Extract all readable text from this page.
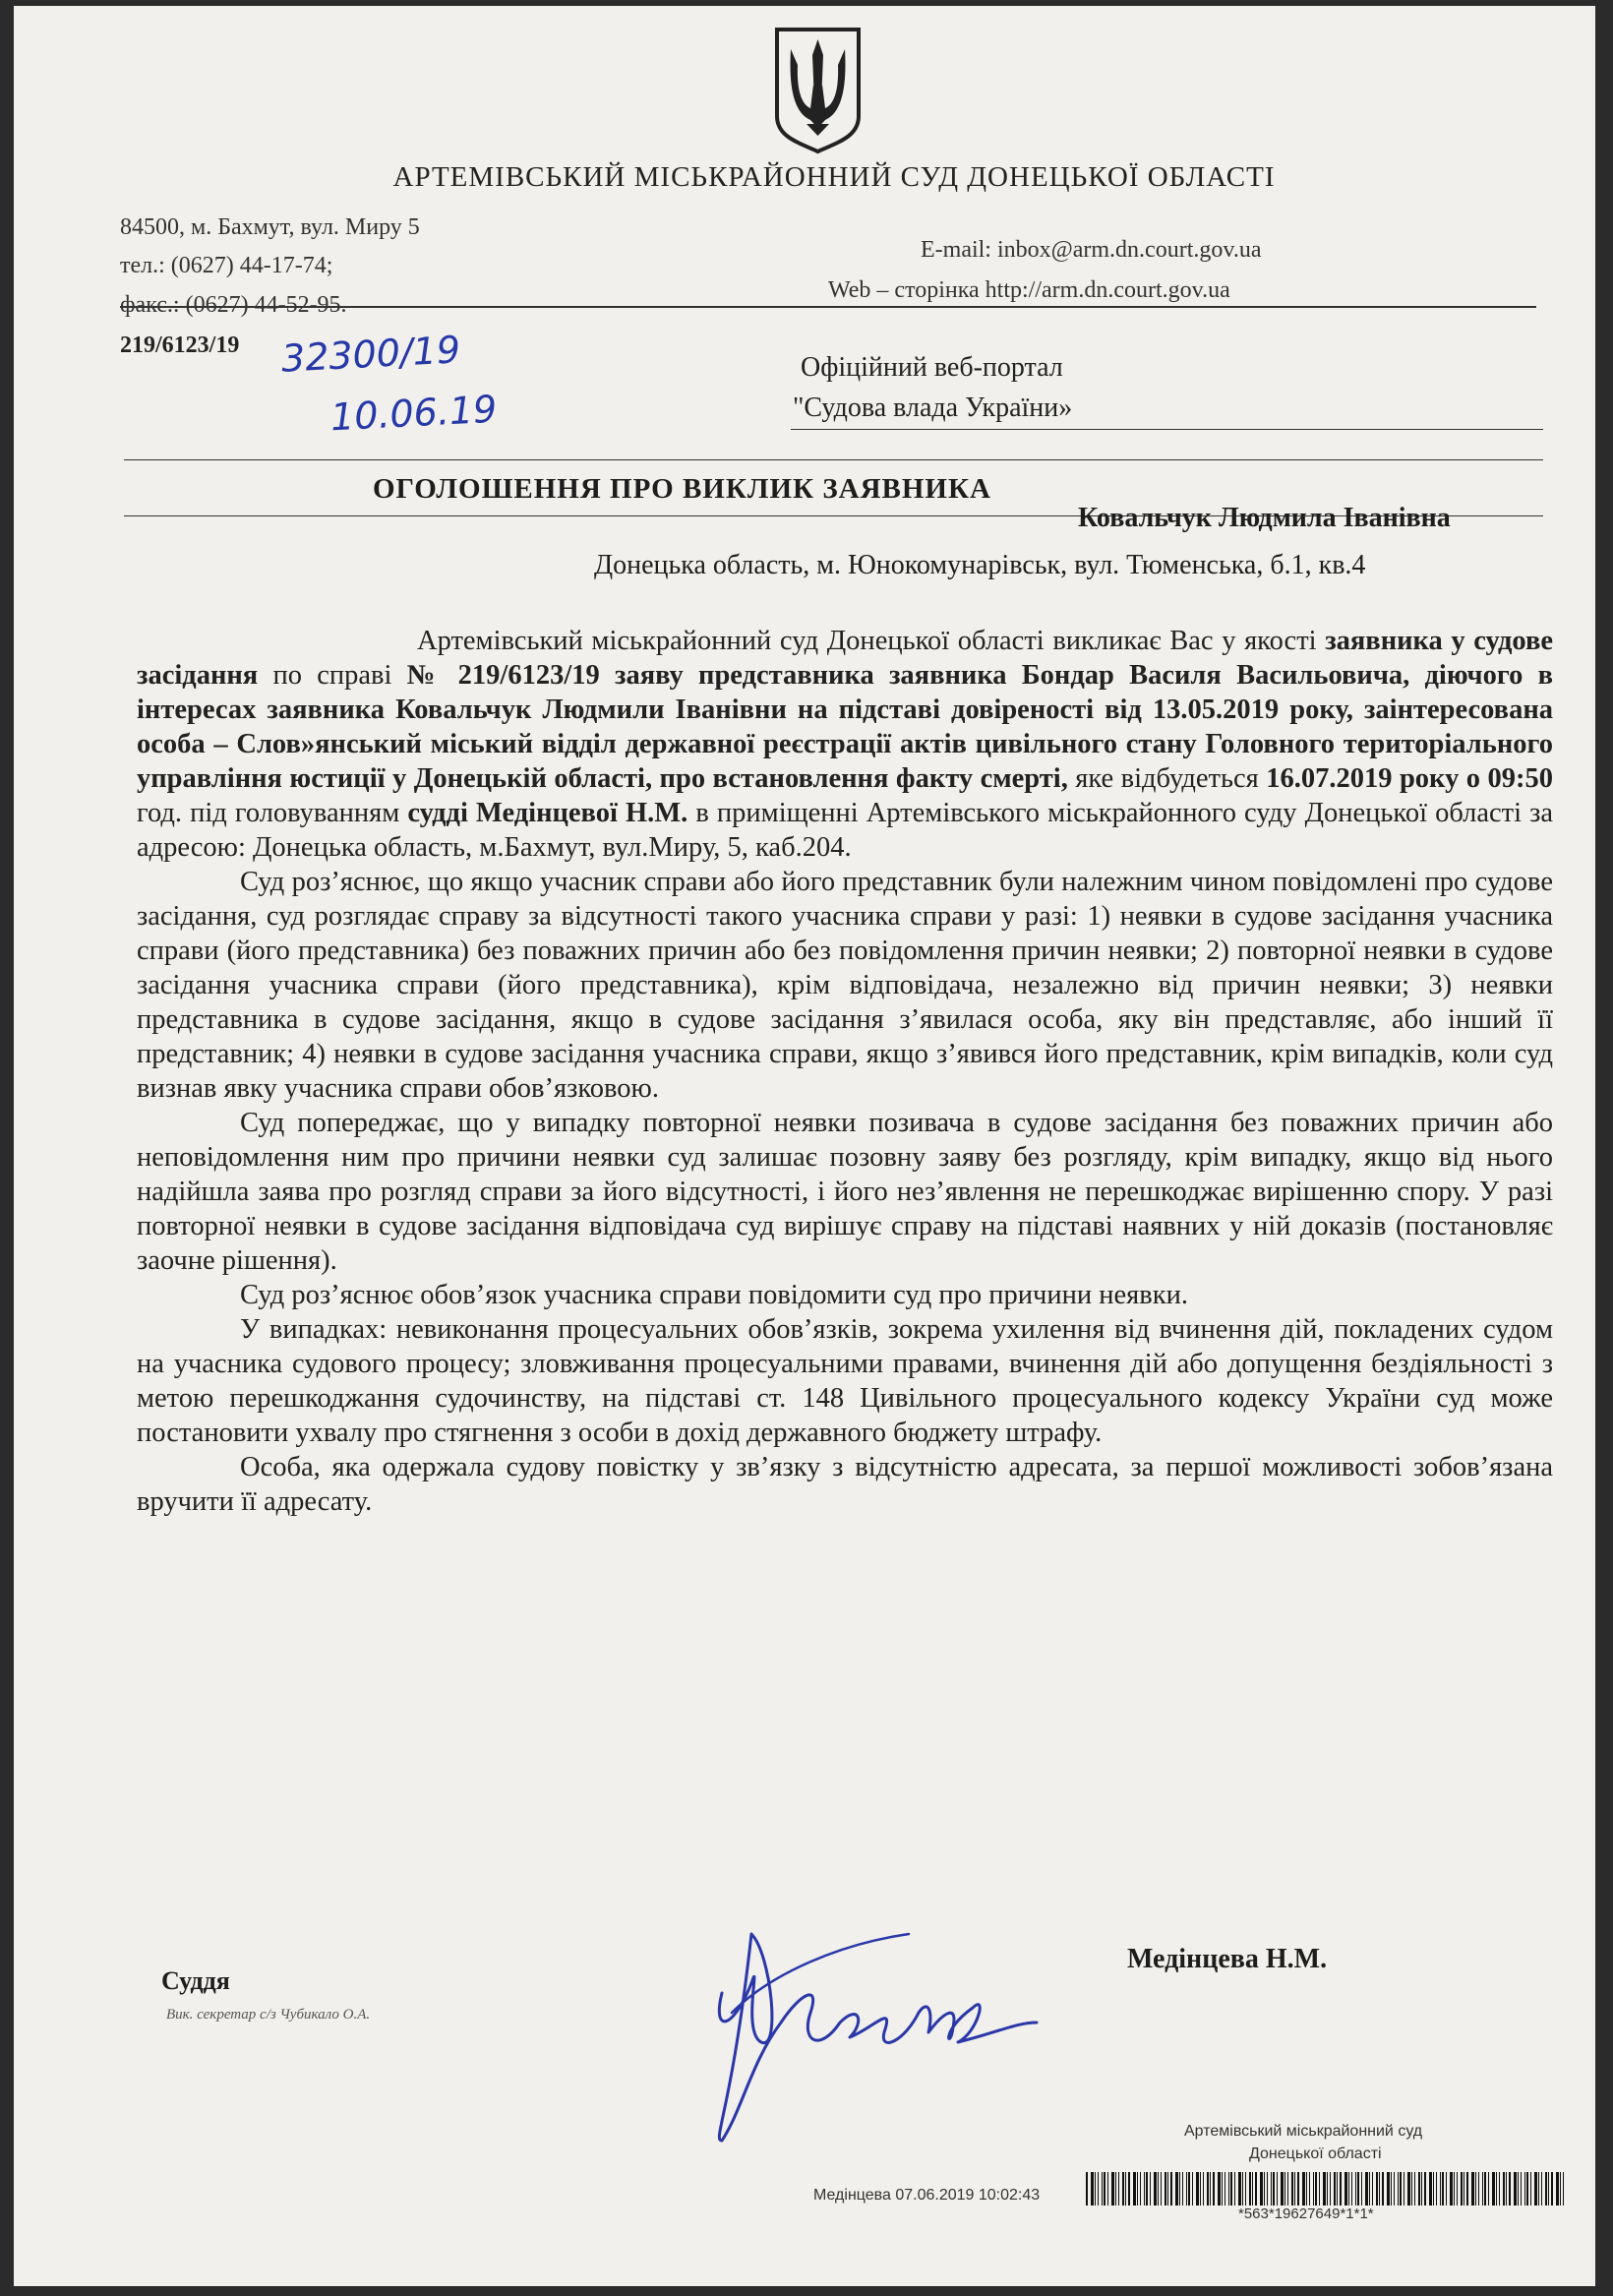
АРТЕМІВСЬКИЙ МІСЬКРАЙОННИЙ СУД ДОНЕЦЬКОЇ ОБЛАСТІ
84500, м. Бахмут, вул. Миру 5
тел.: (0627) 44-17-74;
факс.: (0627) 44-52-95.
E-mail: inbox@arm.dn.court.gov.ua
Web – сторінка http://arm.dn.court.gov.ua
219/6123/19 32300/19
10.06.19
Офіційний веб-портал
"Судова влада України»
ОГОЛОШЕННЯ ПРО ВИКЛИК ЗАЯВНИКА
Ковальчук Людмила Іванівна
Донецька область, м. Юнокомунарівськ, вул. Тюменська, б.1, кв.4

Артемівський міськрайонний суд Донецької області викликає Вас у якості заявника у судове засідання по справі № 219/6123/19 заяву представника заявника Бондар Василя Васильовича, діючого в інтересах заявника Ковальчук Людмили Іванівни на підставі довіреності від 13.05.2019 року, заінтересована особа – Слов»янський міський відділ державної реєстрації актів цивільного стану Головного територіального управління юстиції у Донецькій області, про встановлення факту смерті, яке відбудеться 16.07.2019 року о 09:50 год. під головуванням судді Медінцевої Н.М. в приміщенні Артемівського міськрайонного суду Донецької області за адресою: Донецька область, м.Бахмут, вул.Миру, 5, каб.204.

Суд роз’яснює, що якщо учасник справи або його представник були належним чином повідомлені про судове засідання, суд розглядає справу за відсутності такого учасника справи у разі: 1) неявки в судове засідання учасника справи (його представника) без поважних причин або без повідомлення причин неявки; 2) повторної неявки в судове засідання учасника справи (його представника), крім відповідача, незалежно від причин неявки; 3) неявки представника в судове засідання, якщо в судове засідання з’явилася особа, яку він представляє, або інший її представник; 4) неявки в судове засідання учасника справи, якщо з’явився його представник, крім випадків, коли суд визнав явку учасника справи обов’язковою.

Суд попереджає, що у випадку повторної неявки позивача в судове засідання без поважних причин або неповідомлення ним про причини неявки суд залишає позовну заяву без розгляду, крім випадку, якщо від нього надійшла заява про розгляд справи за його відсутності, і його нез’явлення не перешкоджає вирішенню спору. У разі повторної неявки в судове засідання відповідача суд вирішує справу на підставі наявних у ній доказів (постановляє заочне рішення).

Суд роз’яснює обов’язок учасника справи повідомити суд про причини неявки.

У випадках: невиконання процесуальних обов’язків, зокрема ухилення від вчинення дій, покладених судом на учасника судового процесу; зловживання процесуальними правами, вчинення дій або допущення бездіяльності з метою перешкоджання судочинству, на підставі ст. 148 Цивільного процесуального кодексу України суд може постановити ухвалу про стягнення з особи в дохід державного бюджету штрафу.

Особа, яка одержала судову повістку у зв’язку з відсутністю адресата, за першої можливості зобов’язана вручити її адресату.

Суддя
Вик. секретар с/з Чубикало О.А.
Медінцева Н.М.
Артемівський міськрайонний суд
Донецької області
Медінцева 07.06.2019 10:02:43
*563*19627649*1*1*
